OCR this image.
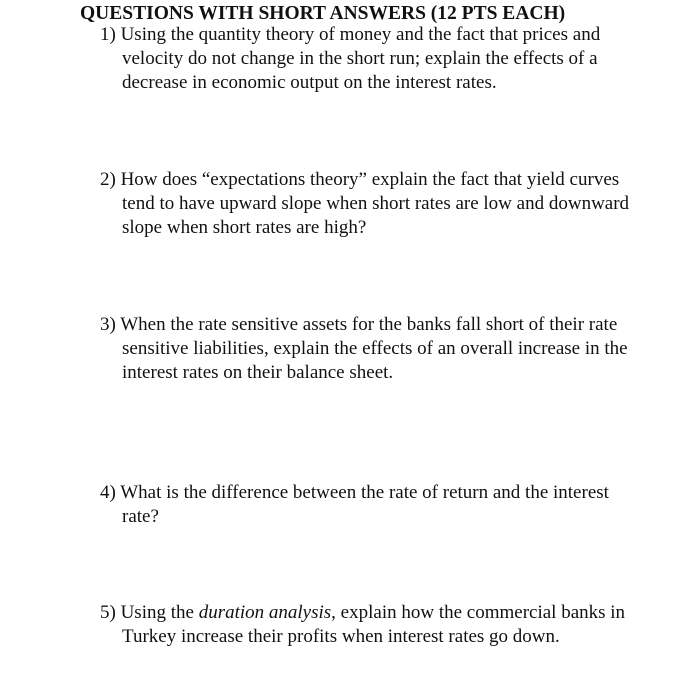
QUESTIONS WITH SHORT ANSWERS (12 PTS EACH)
1) Using the quantity theory of money and the fact that prices and velocity do not change in the short run; explain the effects of a decrease in economic output on the interest rates.
2) How does “expectations theory” explain the fact that yield curves tend to have upward slope when short rates are low and downward slope when short rates are high?
3) When the rate sensitive assets for the banks fall short of their rate sensitive liabilities, explain the effects of an overall increase in the interest rates on their balance sheet.
4) What is the difference between the rate of return and the interest rate?
5) Using the duration analysis, explain how the commercial banks in Turkey increase their profits when interest rates go down.
